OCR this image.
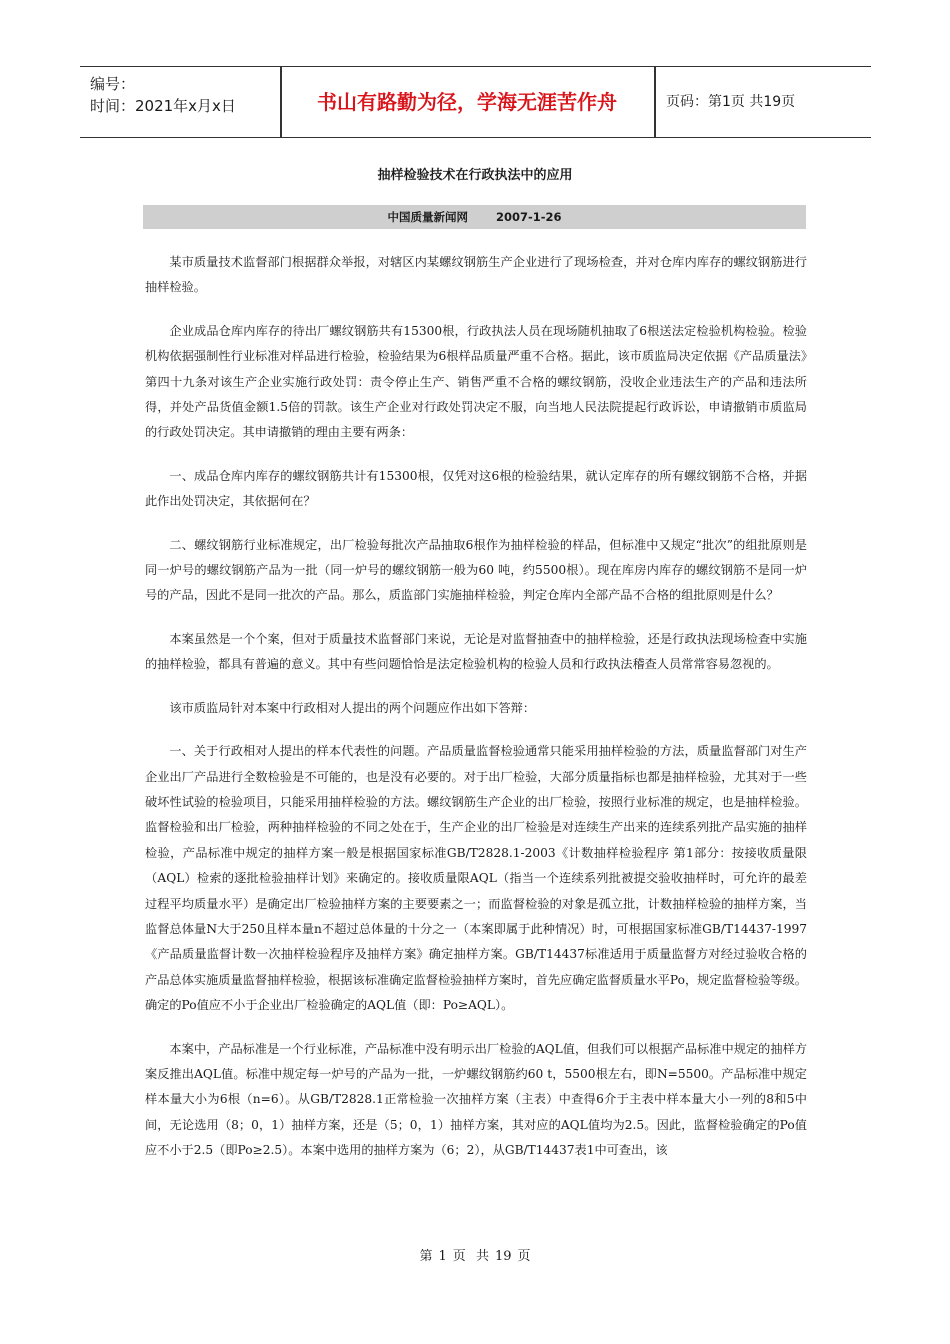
编号：
时间：2021年x月x日	书山有路勤为径，学海无涯苦作舟	页码：第1页 共19页
抽样检验技术在行政执法中的应用
中国质量新闻网 2007-1-26

某市质量技术监督部门根据群众举报，对辖区内某螺纹钢筋生产企业进行了现场检查，并对仓库内库存的螺纹钢筋进行抽样检验。

企业成品仓库内库存的待出厂螺纹钢筋共有15300根，行政执法人员在现场随机抽取了6根送法定检验机构检验。检验机构依据强制性行业标准对样品进行检验，检验结果为6根样品质量严重不合格。据此，该市质监局决定依据《产品质量法》第四十九条对该生产企业实施行政处罚：责令停止生产、销售严重不合格的螺纹钢筋，没收企业违法生产的产品和违法所得，并处产品货值金额1.5倍的罚款。该生产企业对行政处罚决定不服，向当地人民法院提起行政诉讼，申请撤销市质监局的行政处罚决定。其申请撤销的理由主要有两条：

一、成品仓库内库存的螺纹钢筋共计有15300根，仅凭对这6根的检验结果，就认定库存的所有螺纹钢筋不合格，并据此作出处罚决定，其依据何在？

二、螺纹钢筋行业标准规定，出厂检验每批次产品抽取6根作为抽样检验的样品，但标准中又规定“批次”的组批原则是同一炉号的螺纹钢筋产品为一批（同一炉号的螺纹钢筋一般为60 吨，约5500根）。现在库房内库存的螺纹钢筋不是同一炉号的产品，因此不是同一批次的产品。那么，质监部门实施抽样检验，判定仓库内全部产品不合格的组批原则是什么？

本案虽然是一个个案，但对于质量技术监督部门来说，无论是对监督抽查中的抽样检验，还是行政执法现场检查中实施的抽样检验，都具有普遍的意义。其中有些问题恰恰是法定检验机构的检验人员和行政执法稽查人员常常容易忽视的。

该市质监局针对本案中行政相对人提出的两个问题应作出如下答辩：

一、关于行政相对人提出的样本代表性的问题。产品质量监督检验通常只能采用抽样检验的方法，质量监督部门对生产企业出厂产品进行全数检验是不可能的，也是没有必要的。对于出厂检验，大部分质量指标也都是抽样检验，尤其对于一些破坏性试验的检验项目，只能采用抽样检验的方法。螺纹钢筋生产企业的出厂检验，按照行业标准的规定，也是抽样检验。监督检验和出厂检验，两种抽样检验的不同之处在于，生产企业的出厂检验是对连续生产出来的连续系列批产品实施的抽样检验，产品标准中规定的抽样方案一般是根据国家标准GB/T2828.1-2003《计数抽样检验程序 第1部分：按接收质量限（AQL）检索的逐批检验抽样计划》来确定的。接收质量限AQL（指当一个连续系列批被提交验收抽样时，可允许的最差过程平均质量水平）是确定出厂检验抽样方案的主要要素之一；而监督检验的对象是孤立批，计数抽样检验的抽样方案，当监督总体量N大于250且样本量n不超过总体量的十分之一（本案即属于此种情况）时，可根据国家标准GB/T14437-1997 《产品质量监督计数一次抽样检验程序及抽样方案》确定抽样方案。GB/T14437标准适用于质量监督方对经过验收合格的产品总体实施质量监督抽样检验，根据该标准确定监督检验抽样方案时，首先应确定监督质量水平Po，规定监督检验等级。确定的Po值应不小于企业出厂检验确定的AQL值（即：Po≥AQL）。

本案中，产品标准是一个行业标准，产品标准中没有明示出厂检验的AQL值，但我们可以根据产品标准中规定的抽样方案反推出AQL值。标准中规定每一炉号的产品为一批，一炉螺纹钢筋约60 t，5500根左右，即N=5500。产品标准中规定样本量大小为6根（n=6）。从GB/T2828.1正常检验一次抽样方案（主表）中查得6介于主表中样本量大小一列的8和5中间，无论选用（8；0，1）抽样方案，还是（5；0，1）抽样方案，其对应的AQL值均为2.5。因此，监督检验确定的Po值应不小于2.5（即Po≥2.5）。本案中选用的抽样方案为（6；2），从GB/T14437表1中可查出，该

第 1 页 共 19 页
